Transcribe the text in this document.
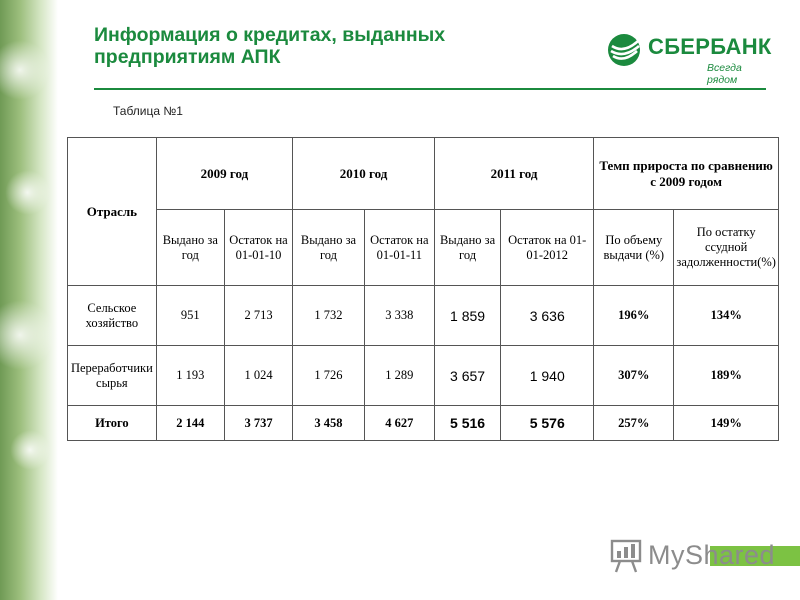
Информация о кредитах, выданных предприятиям АПК	СБЕРБАНК
Всегда рядом
Таблица №1
Отрасль	2009 год		2010 год		2011 год		Темп прироста по сравнению с 2009 годом	
	Выдано за год	Остаток на 01-01-10	Выдано за год	Остаток на 01-01-11	Выдано за год	Остаток на 01-01-2012	По объему выдачи (%)	По остатку ссудной задолженности(%)
Сельское хозяйство	951	2 713	1 732	3 338	1 859	3 636	196%	134%
Переработчики сырья	1 193	1 024	1 726	1 289	3 657	1 940	307%	189%
Итого	2 144	3 737	3 458	4 627	5 516	5 576	257%	149%
MyShared
